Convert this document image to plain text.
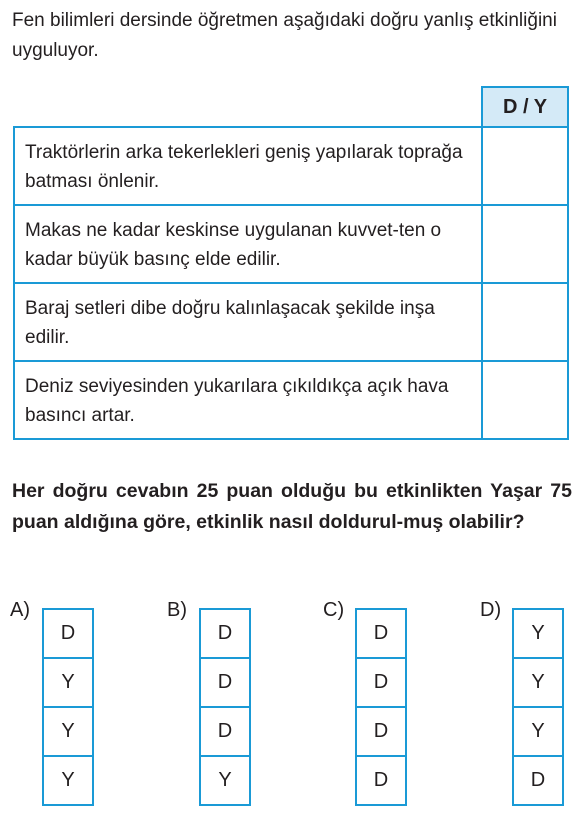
Fen bilimleri dersinde öğretmen aşağıdaki doğru yanlış etkinliğini uyguluyor.

	D / Y
Traktörlerin arka tekerlekleri geniş yapılarak toprağa batması önlenir.	
Makas ne kadar keskinse uygulanan kuvvet-ten o kadar büyük basınç elde edilir.	
Baraj setleri dibe doğru kalınlaşacak şekilde inşa edilir.	
Deniz seviyesinden yukarılara çıkıldıkça açık hava basıncı artar.	

Her doğru cevabın 25 puan olduğu bu etkinlikten Yaşar 75 puan aldığına göre, etkinlik nasıl doldurul-muş olabilir?

A)
D
Y
Y
Y
B)
D
D
D
Y
C)
D
D
D
D
D)
Y
Y
Y
D
